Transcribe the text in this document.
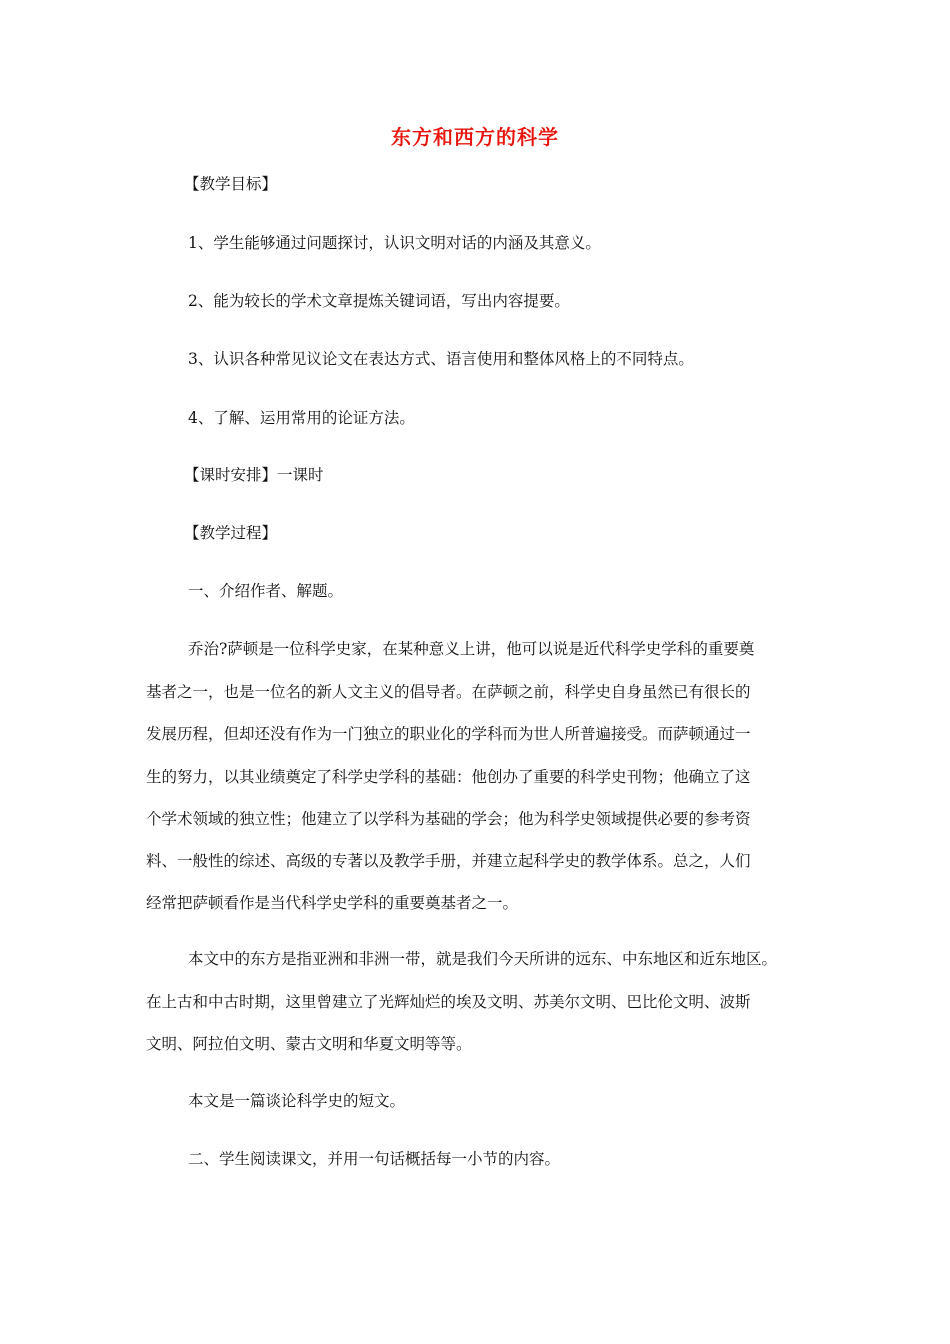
东方和西方的科学
【教学目标】
1、学生能够通过问题探讨，认识文明对话的内涵及其意义。
2、能为较长的学术文章提炼关键词语，写出内容提要。
3、认识各种常见议论文在表达方式、语言使用和整体风格上的不同特点。
4、了解、运用常用的论证方法。
【课时安排】一课时
【教学过程】
一、介绍作者、解题。
乔治?萨顿是一位科学史家，在某种意义上讲，他可以说是近代科学史学科的重要奠
基者之一，也是一位名的新人文主义的倡导者。在萨顿之前，科学史自身虽然已有很长的
发展历程，但却还没有作为一门独立的职业化的学科而为世人所普遍接受。而萨顿通过一
生的努力，以其业绩奠定了科学史学科的基础：他创办了重要的科学史刊物；他确立了这
个学术领域的独立性；他建立了以学科为基础的学会；他为科学史领域提供必要的参考资
料、一般性的综述、高级的专著以及教学手册，并建立起科学史的教学体系。总之，人们
经常把萨顿看作是当代科学史学科的重要奠基者之一。
本文中的东方是指亚洲和非洲一带，就是我们今天所讲的远东、中东地区和近东地区。
在上古和中古时期，这里曾建立了光辉灿烂的埃及文明、苏美尔文明、巴比伦文明、波斯
文明、阿拉伯文明、蒙古文明和华夏文明等等。
本文是一篇谈论科学史的短文。
二、学生阅读课文，并用一句话概括每一小节的内容。
